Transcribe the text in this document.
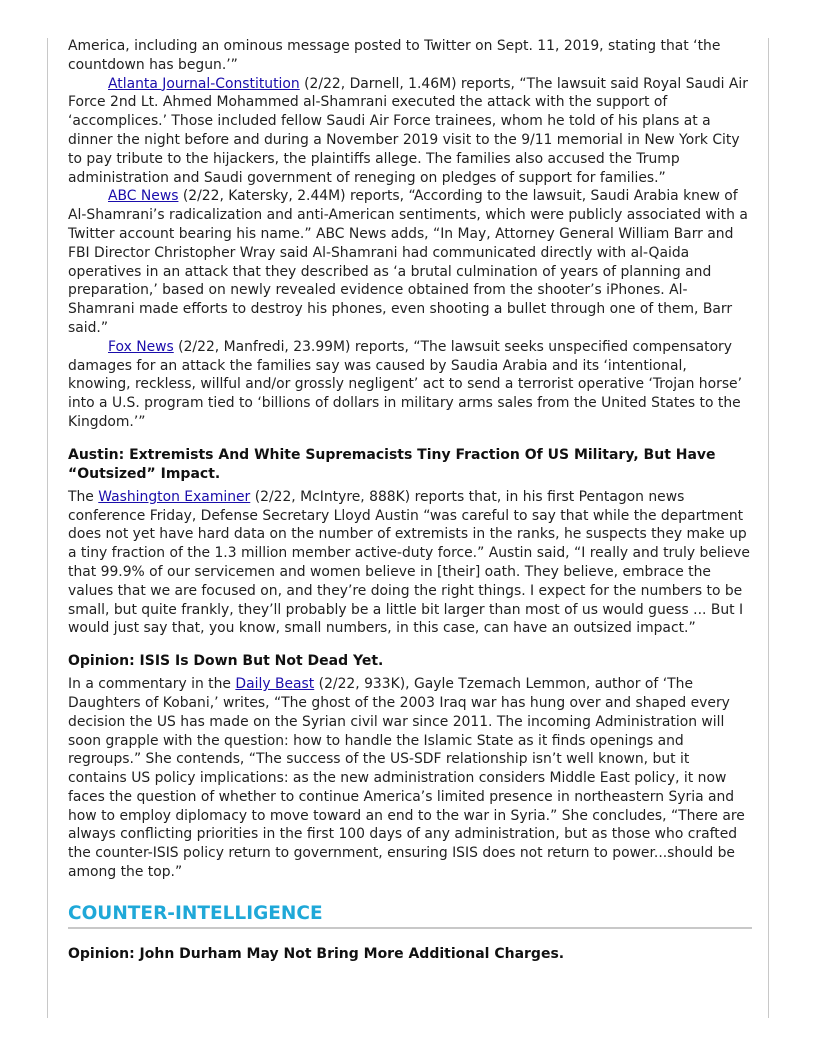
America, including an ominous message posted to Twitter on Sept. 11, 2019, stating that ‘the countdown has begun.’”

Atlanta Journal-Constitution (2/22, Darnell, 1.46M) reports, “The lawsuit said Royal Saudi Air Force 2nd Lt. Ahmed Mohammed al-Shamrani executed the attack with the support of ‘accomplices.’ Those included fellow Saudi Air Force trainees, whom he told of his plans at a dinner the night before and during a November 2019 visit to the 9/11 memorial in New York City to pay tribute to the hijackers, the plaintiffs allege. The families also accused the Trump administration and Saudi government of reneging on pledges of support for families.”

ABC News (2/22, Katersky, 2.44M) reports, “According to the lawsuit, Saudi Arabia knew of Al-Shamrani’s radicalization and anti-American sentiments, which were publicly associated with a Twitter account bearing his name.” ABC News adds, “In May, Attorney General William Barr and FBI Director Christopher Wray said Al-Shamrani had communicated directly with al-Qaida operatives in an attack that they described as ‘a brutal culmination of years of planning and preparation,’ based on newly revealed evidence obtained from the shooter’s iPhones. Al-Shamrani made efforts to destroy his phones, even shooting a bullet through one of them, Barr said.”

Fox News (2/22, Manfredi, 23.99M) reports, “The lawsuit seeks unspecified compensatory damages for an attack the families say was caused by Saudia Arabia and its ‘intentional, knowing, reckless, willful and/or grossly negligent’ act to send a terrorist operative ‘Trojan horse’ into a U.S. program tied to ‘billions of dollars in military arms sales from the United States to the Kingdom.’”

Austin: Extremists And White Supremacists Tiny Fraction Of US Military, But Have “Outsized” Impact.

The Washington Examiner (2/22, McIntyre, 888K) reports that, in his first Pentagon news conference Friday, Defense Secretary Lloyd Austin “was careful to say that while the department does not yet have hard data on the number of extremists in the ranks, he suspects they make up a tiny fraction of the 1.3 million member active-duty force.” Austin said, “I really and truly believe that 99.9% of our servicemen and women believe in [their] oath. They believe, embrace the values that we are focused on, and they’re doing the right things. I expect for the numbers to be small, but quite frankly, they’ll probably be a little bit larger than most of us would guess ... But I would just say that, you know, small numbers, in this case, can have an outsized impact.”

Opinion: ISIS Is Down But Not Dead Yet.

In a commentary in the Daily Beast (2/22, 933K), Gayle Tzemach Lemmon, author of ‘The Daughters of Kobani,’ writes, “The ghost of the 2003 Iraq war has hung over and shaped every decision the US has made on the Syrian civil war since 2011. The incoming Administration will soon grapple with the question: how to handle the Islamic State as it finds openings and regroups.” She contends, “The success of the US-SDF relationship isn’t well known, but it contains US policy implications: as the new administration considers Middle East policy, it now faces the question of whether to continue America’s limited presence in northeastern Syria and how to employ diplomacy to move toward an end to the war in Syria.” She concludes, “There are always conflicting priorities in the first 100 days of any administration, but as those who crafted the counter-ISIS policy return to government, ensuring ISIS does not return to power...should be among the top.”

COUNTER-INTELLIGENCE
Opinion: John Durham May Not Bring More Additional Charges.
